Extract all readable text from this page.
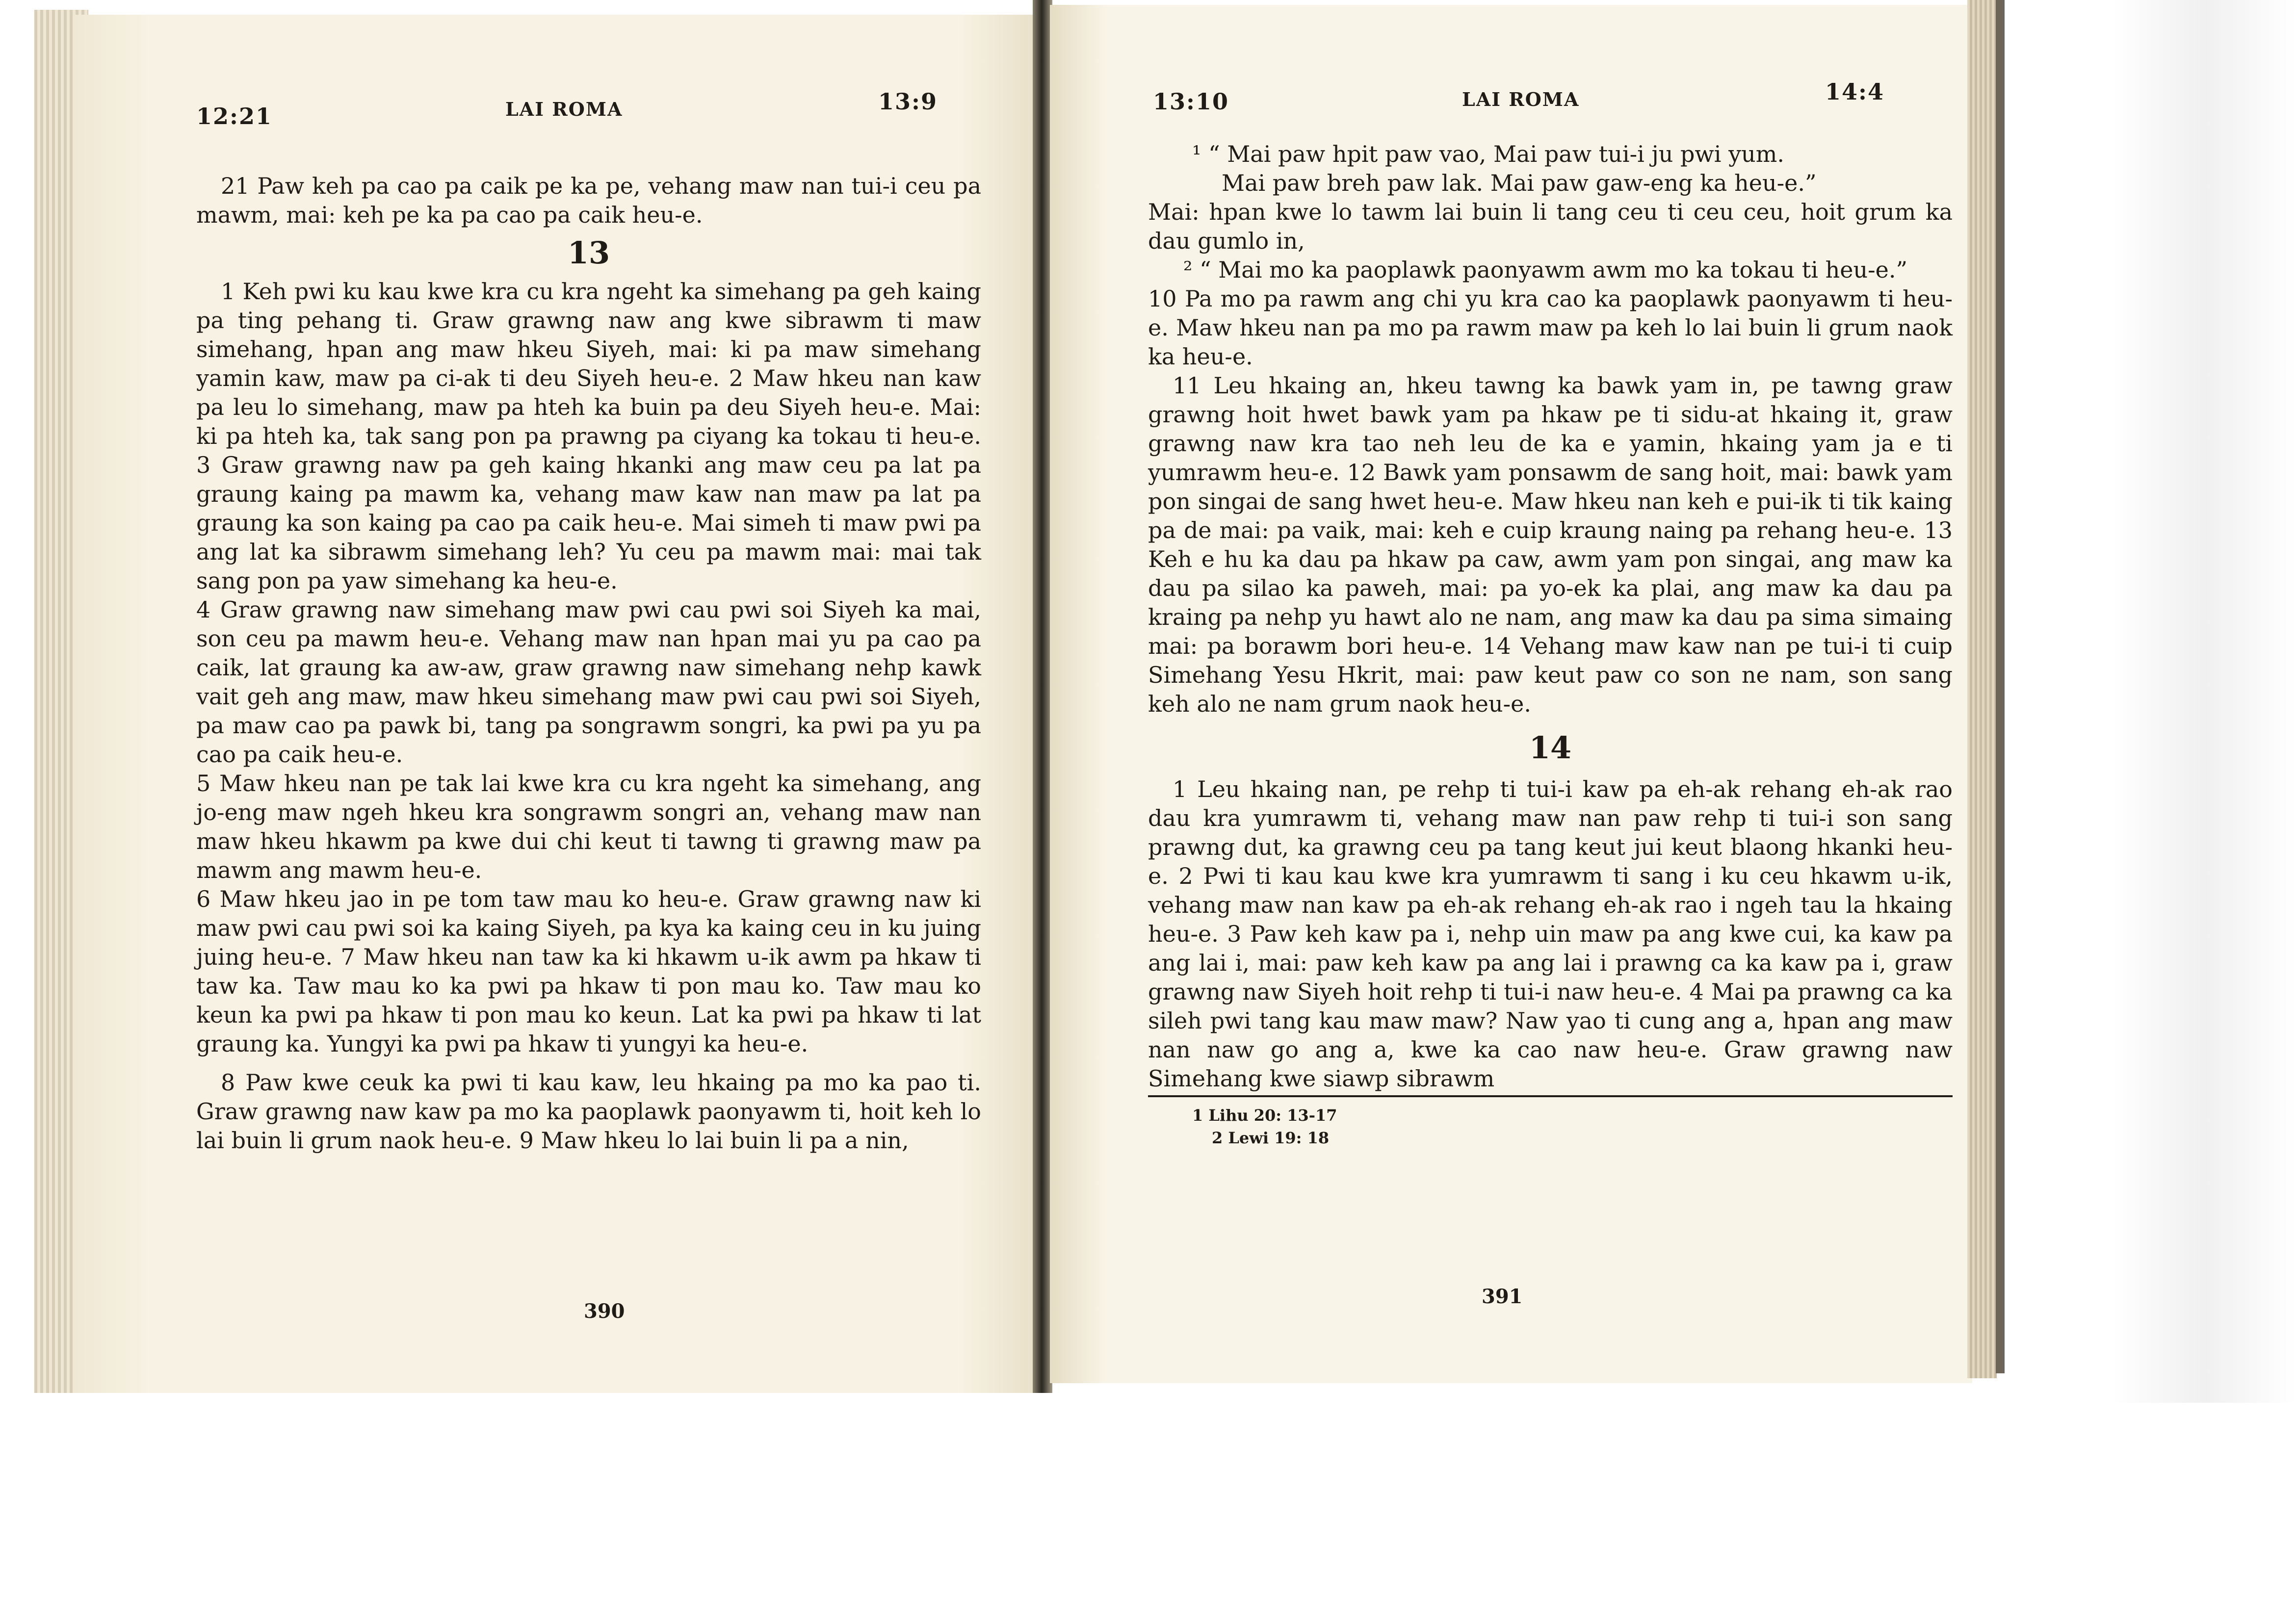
12:21	LAI ROMA	13:9

21 Paw keh pa cao pa caik pe ka pe, vehang maw nan tui-i ceu pa mawm, mai: keh pe ka pa cao pa caik heu-e.

13

1 Keh pwi ku kau kwe kra cu kra ngeht ka simehang pa geh kaing pa ting pehang ti. Graw grawng naw ang kwe sibrawm ti maw simehang, hpan ang maw hkeu Siyeh, mai: ki pa maw simehang yamin kaw, maw pa ci-ak ti deu Siyeh heu-e. 2 Maw hkeu nan kaw pa leu lo simehang, maw pa hteh ka buin pa deu Siyeh heu-e. Mai: ki pa hteh ka, tak sang pon pa prawng pa ciyang ka tokau ti heu-e. 3 Graw grawng naw pa geh kaing hkanki ang maw ceu pa lat pa graung kaing pa mawm ka, vehang maw kaw nan maw pa lat pa graung ka son kaing pa cao pa caik heu-e. Mai simeh ti maw pwi pa ang lat ka sibrawm simehang leh? Yu ceu pa mawm mai: mai tak sang pon pa yaw simehang ka heu-e.

4 Graw grawng naw simehang maw pwi cau pwi soi Siyeh ka mai, son ceu pa mawm heu-e. Vehang maw nan hpan mai yu pa cao pa caik, lat graung ka aw-aw, graw grawng naw simehang nehp kawk vait geh ang maw, maw hkeu simehang maw pwi cau pwi soi Siyeh, pa maw cao pa pawk bi, tang pa songrawm songri, ka pwi pa yu pa cao pa caik heu-e.

5 Maw hkeu nan pe tak lai kwe kra cu kra ngeht ka simehang, ang jo-eng maw ngeh hkeu kra songrawm songri an, vehang maw nan maw hkeu hkawm pa kwe dui chi keut ti tawng ti grawng maw pa mawm ang mawm heu-e.

6 Maw hkeu jao in pe tom taw mau ko heu-e. Graw grawng naw ki maw pwi cau pwi soi ka kaing Siyeh, pa kya ka kaing ceu in ku juing juing heu-e. 7 Maw hkeu nan taw ka ki hkawm u-ik awm pa hkaw ti taw ka. Taw mau ko ka pwi pa hkaw ti pon mau ko. Taw mau ko keun ka pwi pa hkaw ti pon mau ko keun. Lat ka pwi pa hkaw ti lat graung ka. Yungyi ka pwi pa hkaw ti yungyi ka heu-e.

8 Paw kwe ceuk ka pwi ti kau kaw, leu hkaing pa mo ka pao ti. Graw grawng naw kaw pa mo ka paoplawk paonyawm ti, hoit keh lo lai buin li grum naok heu-e. 9 Maw hkeu lo lai buin li pa a nin,

390
13:10	LAI ROMA	14:4

¹ “ Mai paw hpit paw vao, Mai paw tui-i ju pwi yum.

Mai paw breh paw lak. Mai paw gaw-eng ka heu-e.”

Mai: hpan kwe lo tawm lai buin li tang ceu ti ceu ceu, hoit grum ka dau gumlo in,

² “ Mai mo ka paoplawk paonyawm awm mo ka tokau ti heu-e.”

10 Pa mo pa rawm ang chi yu kra cao ka paoplawk paonyawm ti heu-e. Maw hkeu nan pa mo pa rawm maw pa keh lo lai buin li grum naok ka heu-e.

11 Leu hkaing an, hkeu tawng ka bawk yam in, pe tawng graw grawng hoit hwet bawk yam pa hkaw pe ti sidu-at hkaing it, graw grawng naw kra tao neh leu de ka e yamin, hkaing yam ja e ti yumrawm heu-e. 12 Bawk yam ponsawm de sang hoit, mai: bawk yam pon singai de sang hwet heu-e. Maw hkeu nan keh e pui-ik ti tik kaing pa de mai: pa vaik, mai: keh e cuip kraung naing pa rehang heu-e. 13 Keh e hu ka dau pa hkaw pa caw, awm yam pon singai, ang maw ka dau pa silao ka paweh, mai: pa yo-ek ka plai, ang maw ka dau pa kraing pa nehp yu hawt alo ne nam, ang maw ka dau pa sima simaing mai: pa borawm bori heu-e. 14 Vehang maw kaw nan pe tui-i ti cuip Simehang Yesu Hkrit, mai: paw keut paw co son ne nam, son sang keh alo ne nam grum naok heu-e.

14

1 Leu hkaing nan, pe rehp ti tui-i kaw pa eh-ak rehang eh-ak rao dau kra yumrawm ti, vehang maw nan paw rehp ti tui-i son sang prawng dut, ka grawng ceu pa tang keut jui keut blaong hkanki heu-e. 2 Pwi ti kau kau kwe kra yumrawm ti sang i ku ceu hkawm u-ik, vehang maw nan kaw pa eh-ak rehang eh-ak rao i ngeh tau la hkaing heu-e. 3 Paw keh kaw pa i, nehp uin maw pa ang kwe cui, ka kaw pa ang lai i, mai: paw keh kaw pa ang lai i prawng ca ka kaw pa i, graw grawng naw Siyeh hoit rehp ti tui-i naw heu-e. 4 Mai pa prawng ca ka sileh pwi tang kau maw maw? Naw yao ti cung ang a, hpan ang maw nan naw go ang a, kwe ka cao naw heu-e. Graw grawng naw Simehang kwe siawp sibrawm

1 Lihu 20: 13-17
2 Lewi 19: 18
391
